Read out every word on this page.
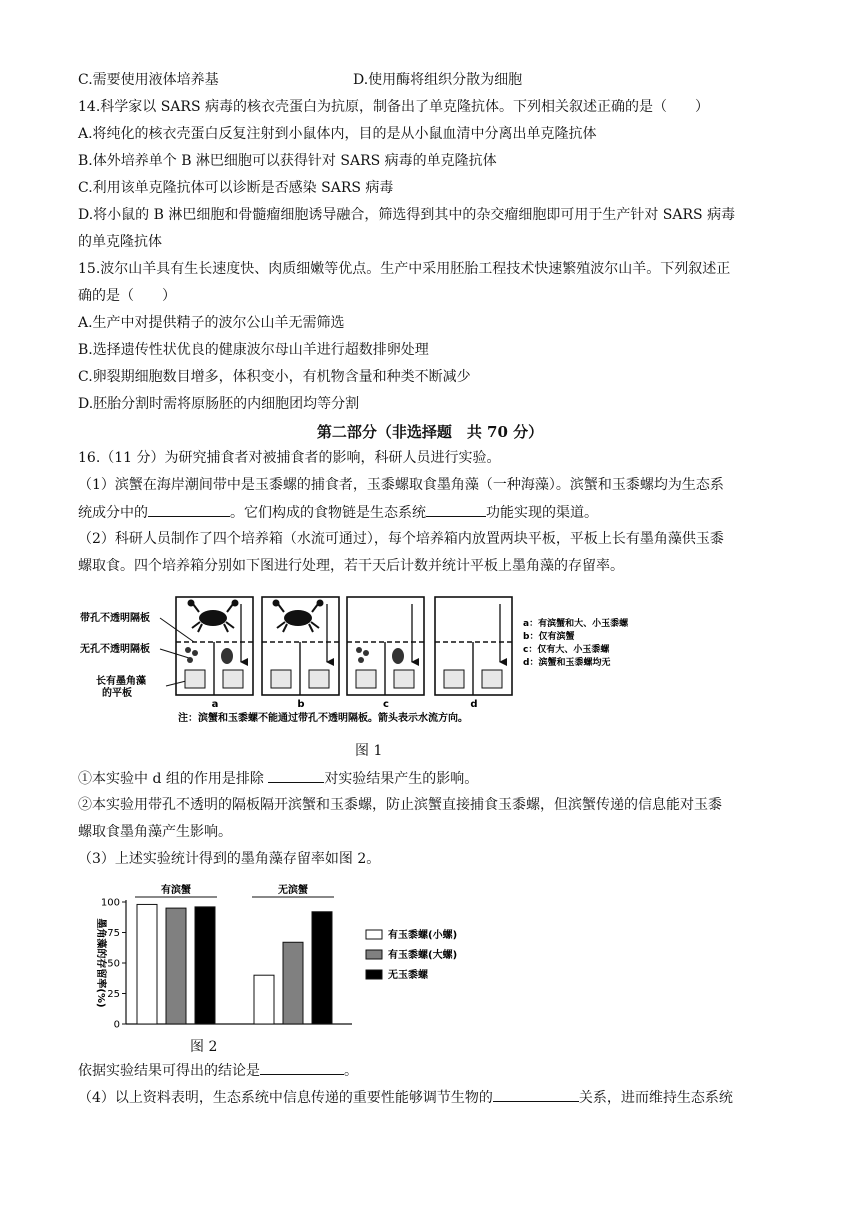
C.需要使用液体培养基	D.使用酶将组织分散为细胞
14.科学家以 SARS 病毒的核衣壳蛋白为抗原，制备出了单克隆抗体。下列相关叙述正确的是（　　）
A.将纯化的核衣壳蛋白反复注射到小鼠体内，目的是从小鼠血清中分离出单克隆抗体
B.体外培养单个 B 淋巴细胞可以获得针对 SARS 病毒的单克隆抗体
C.利用该单克隆抗体可以诊断是否感染 SARS 病毒
D.将小鼠的 B 淋巴细胞和骨髓瘤细胞诱导融合，筛选得到其中的杂交瘤细胞即可用于生产针对 SARS 病毒
的单克隆抗体
15.波尔山羊具有生长速度快、肉质细嫩等优点。生产中采用胚胎工程技术快速繁殖波尔山羊。下列叙述正
确的是（　　）
A.生产中对提供精子的波尔公山羊无需筛选
B.选择遗传性状优良的健康波尔母山羊进行超数排卵处理
C.卵裂期细胞数目增多，体积变小，有机物含量和种类不断减少
D.胚胎分割时需将原肠胚的内细胞团均等分割
第二部分（非选择题　共 70 分）
16.（11 分）为研究捕食者对被捕食者的影响，科研人员进行实验。
（1）滨蟹在海岸潮间带中是玉黍螺的捕食者，玉黍螺取食墨角藻（一种海藻）。滨蟹和玉黍螺均为生态系
统成分中的	。它们构成的食物链是生态系统	功能实现的渠道。
（2）科研人员制作了四个培养箱（水流可通过），每个培养箱内放置两块平板，平板上长有墨角藻供玉黍
螺取食。四个培养箱分别如下图进行处理，若干天后计数并统计平板上墨角藻的存留率。
带孔不透明隔板
无孔不透明隔板
长有墨角藻
的平板
a	b	c	d
a：有滨蟹和大、小玉黍螺
b：仅有滨蟹
c：仅有大、小玉黍螺
d：滨蟹和玉黍螺均无
注：滨蟹和玉黍螺不能通过带孔不透明隔板。箭头表示水流方向。
图 1
①本实验中 d 组的作用是排除	对实验结果产生的影响。
②本实验用带孔不透明的隔板隔开滨蟹和玉黍螺，防止滨蟹直接捕食玉黍螺，但滨蟹传递的信息能对玉黍
螺取食墨角藻产生影响。
（3）上述实验统计得到的墨角藻存留率如图 2。
0
25
50
75
100
墨角藻的存留率(%)
有滨蟹	无滨蟹
有玉黍螺(小螺)
有玉黍螺(大螺)
无玉黍螺
图 2
依据实验结果可得出的结论是	。
（4）以上资料表明，生态系统中信息传递的重要性能够调节生物的	关系，进而维持生态系统
